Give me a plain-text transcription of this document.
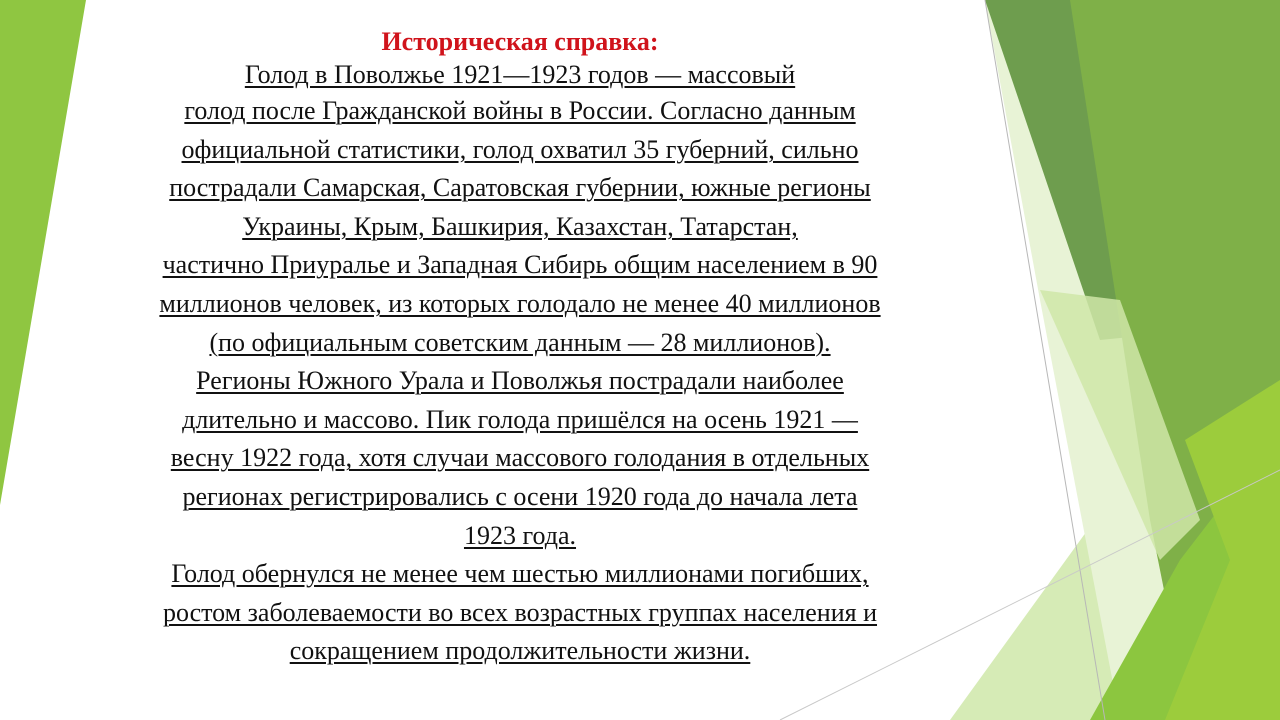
Историческая справка:
Голод в Поволжье 1921—1923 годов — массовый
голод после Гражданской войны в России. Согласно данным
официальной статистики, голод охватил 35 губерний, сильно
пострадали Самарская, Саратовская губернии, южные регионы
Украины, Крым, Башкирия, Казахстан, Татарстан,
частично Приуралье и Западная Сибирь общим населением в 90
миллионов человек, из которых голодало не менее 40 миллионов
(по официальным советским данным — 28 миллионов).
Регионы Южного Урала и Поволжья пострадали наиболее
длительно и массово. Пик голода пришёлся на осень 1921 —
весну 1922 года, хотя случаи массового голодания в отдельных
регионах регистрировались с осени 1920 года до начала лета
1923 года.
Голод обернулся не менее чем шестью миллионами погибших,
ростом заболеваемости во всех возрастных группах населения и
сокращением продолжительности жизни.
